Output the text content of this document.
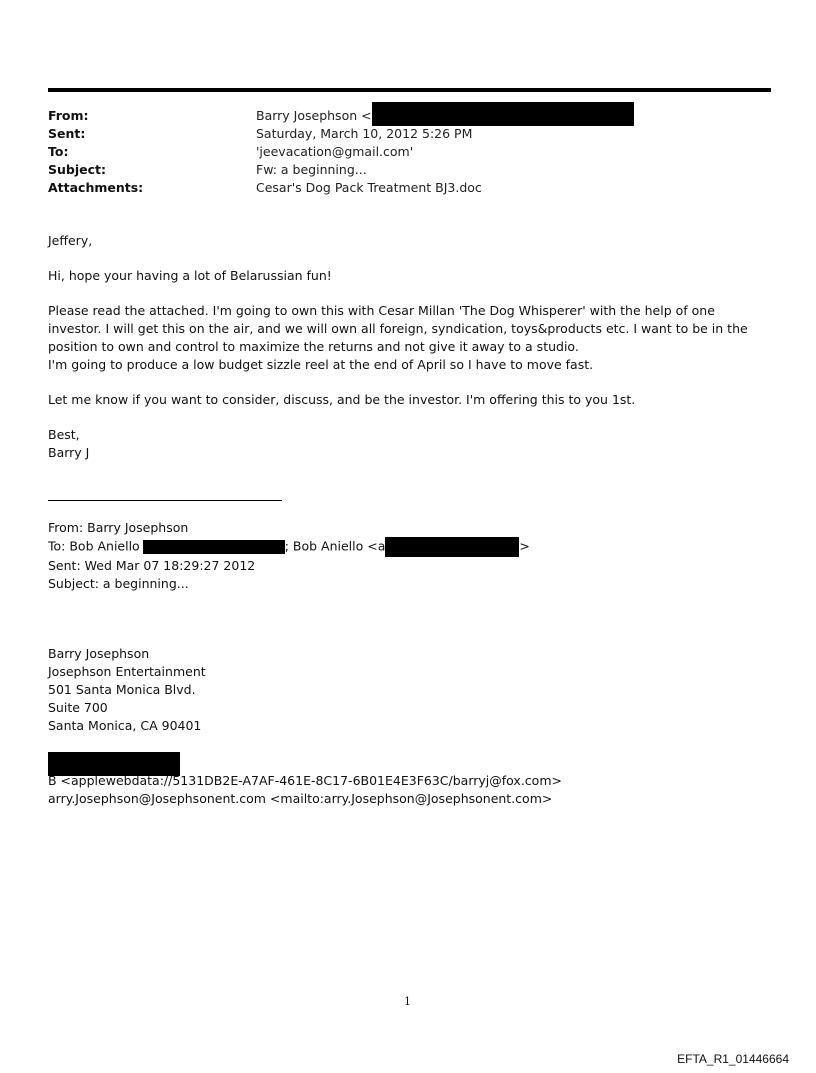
From:	Barry Josephson <
Sent:	Saturday, March 10, 2012 5:26 PM
To:	'jeevacation@gmail.com'
Subject:	Fw: a beginning...
Attachments:	Cesar's Dog Pack Treatment BJ3.doc

Jeffery,

Hi, hope your having a lot of Belarussian fun!

Please read the attached. I'm going to own this with Cesar Millan 'The Dog Whisperer' with the help of one investor. I will get this on the air, and we will own all foreign, syndication, toys&products etc. I want to be in the position to own and control to maximize the returns and not give it away to a studio.

I'm going to produce a low budget sizzle reel at the end of April so I have to move fast.

Let me know if you want to consider, discuss, and be the investor. I'm offering this to you 1st.

Best,

Barry J

From: Barry Josephson
To: Bob Aniello	; Bob Aniello <a	>
Sent: Wed Mar 07 18:29:27 2012
Subject: a beginning...
Barry Josephson
Josephson Entertainment
501 Santa Monica Blvd.
Suite 700
Santa Monica, CA 90401
B <applewebdata://5131DB2E-A7AF-461E-8C17-6B01E4E3F63C/barryj@fox.com> arry.Josephson@Josephsonent.com <mailto:arry.Josephson@Josephsonent.com>
1
EFTA_R1_01446664
